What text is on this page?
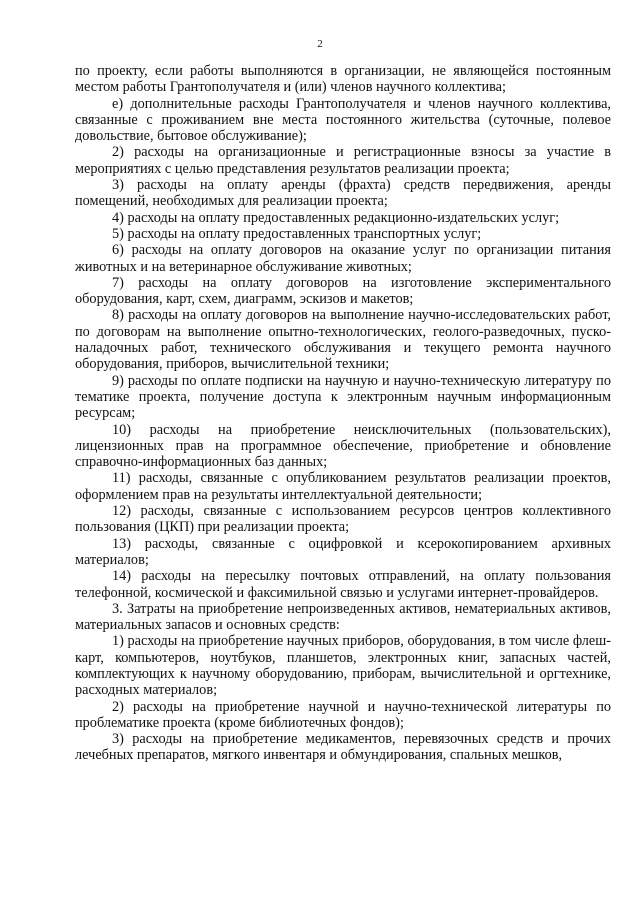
2

по проекту, если работы выполняются в организации, не являющейся постоянным местом работы Грантополучателя и (или) членов научного коллектива;

е) дополнительные расходы Грантополучателя и членов научного коллектива, связанные с проживанием вне места постоянного жительства (суточные, полевое довольствие, бытовое обслуживание);

2) расходы на организационные и регистрационные взносы за участие в мероприятиях с целью представления результатов реализации проекта;

3) расходы на оплату аренды (фрахта) средств передвижения, аренды помещений, необходимых для реализации проекта;

4) расходы на оплату предоставленных редакционно-издательских услуг;

5) расходы на оплату предоставленных транспортных услуг;

6) расходы на оплату договоров на оказание услуг по организации питания животных и на ветеринарное обслуживание животных;

7) расходы на оплату договоров на изготовление экспериментального оборудования, карт, схем, диаграмм, эскизов и макетов;

8) расходы на оплату договоров на выполнение научно-исследовательских работ, по договорам на выполнение опытно-технологических, геолого-разведочных, пуско-наладочных работ, технического обслуживания и текущего ремонта научного оборудования, приборов, вычислительной техники;

9) расходы по оплате подписки на научную и научно-техническую литературу по тематике проекта, получение доступа к электронным научным информационным ресурсам;

10) расходы на приобретение неисключительных (пользовательских), лицензионных прав на программное обеспечение, приобретение и обновление справочно-информационных баз данных;

11) расходы, связанные с опубликованием результатов реализации проектов, оформлением прав на результаты интеллектуальной деятельности;

12) расходы, связанные с использованием ресурсов центров коллективного пользования (ЦКП) при реализации проекта;

13) расходы, связанные с оцифровкой и ксерокопированием архивных материалов;

14) расходы на пересылку почтовых отправлений, на оплату пользования телефонной, космической и факсимильной связью и услугами интернет-провайдеров.

3. Затраты на приобретение непроизведенных активов, нематериальных активов, материальных запасов и основных средств:

1) расходы на приобретение научных приборов, оборудования, в том числе флеш-карт, компьютеров, ноутбуков, планшетов, электронных книг, запасных частей, комплектующих к научному оборудованию, приборам, вычислительной и оргтехнике, расходных материалов;

2) расходы на приобретение научной и научно-технической литературы по проблематике проекта (кроме библиотечных фондов);

3) расходы на приобретение медикаментов, перевязочных средств и прочих лечебных препаратов, мягкого инвентаря и обмундирования, спальных мешков,
